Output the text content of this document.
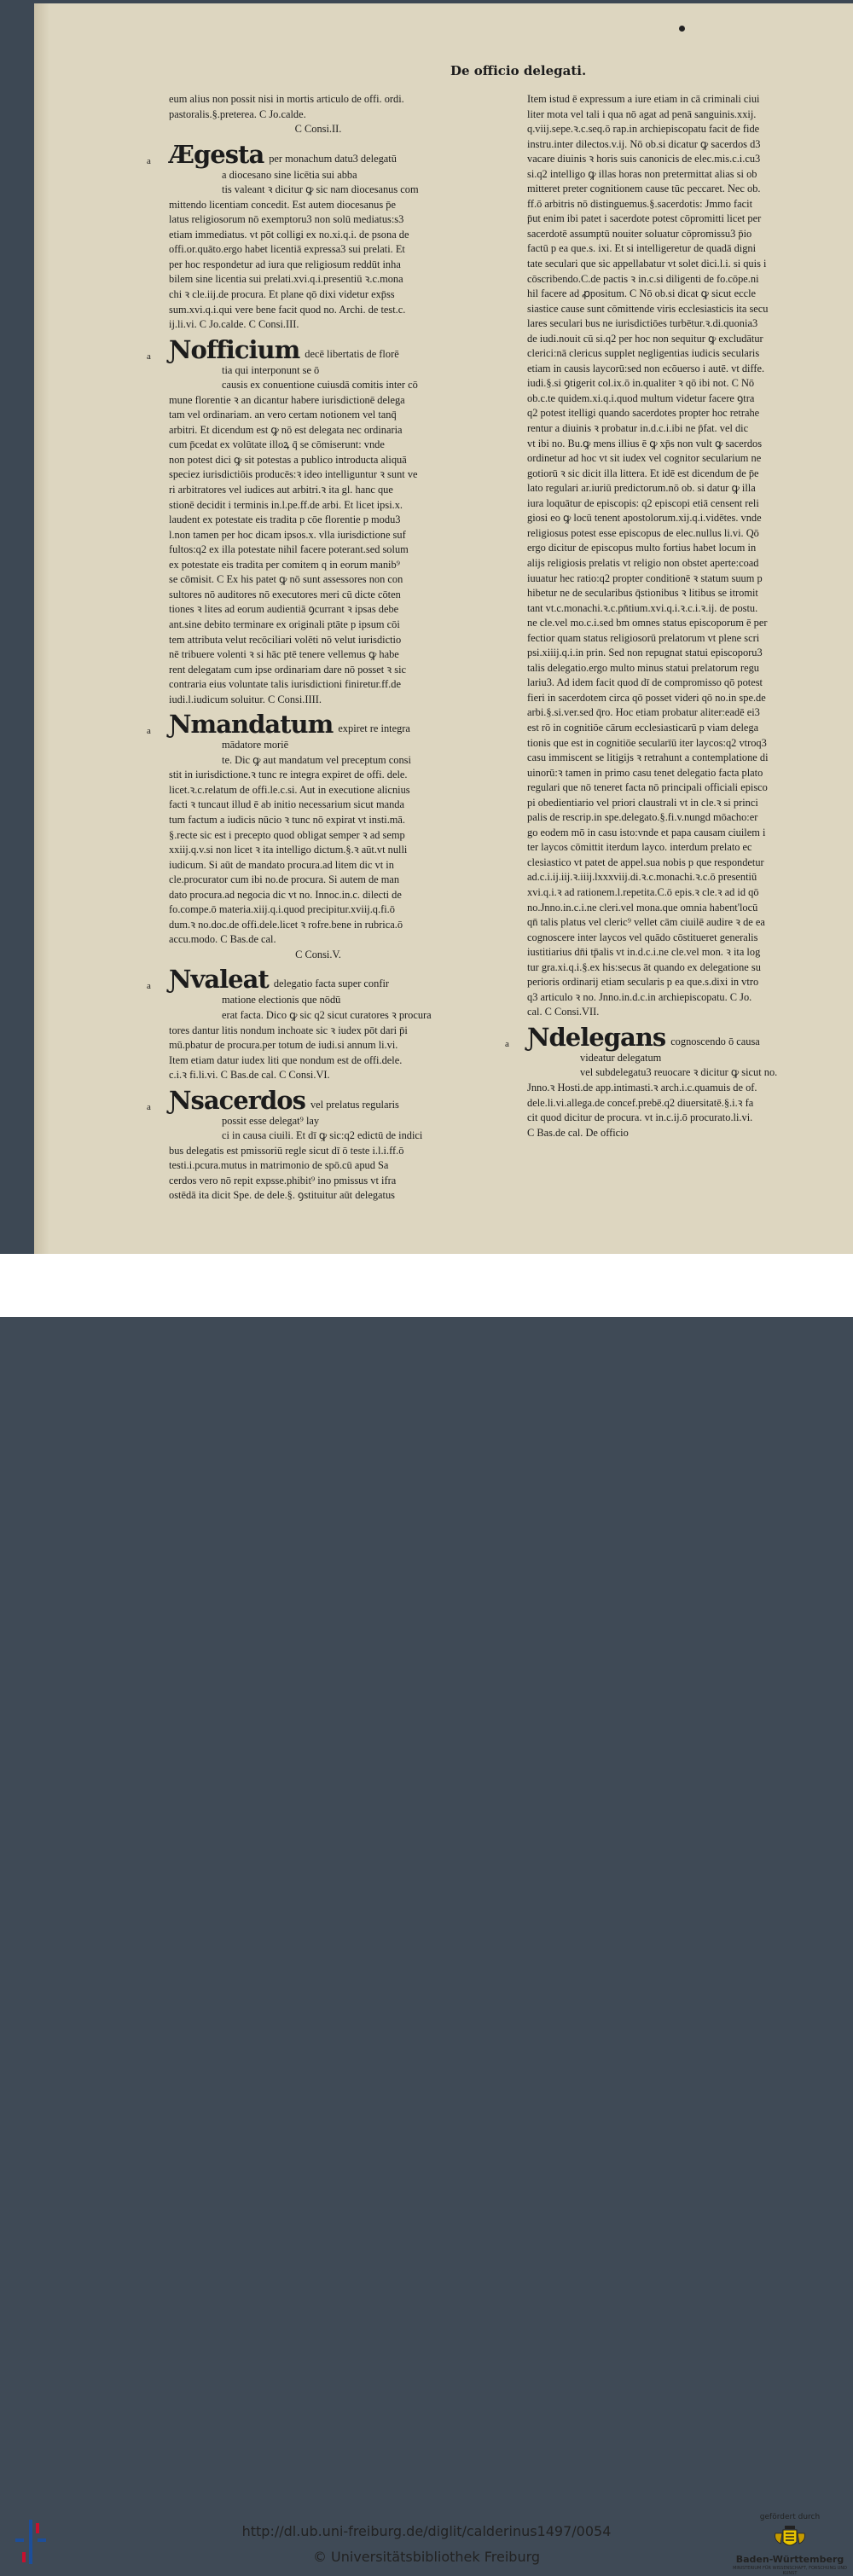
De officio delegati.
eum alius non possit nisi in mortis articulo de offi. ordi.
pastoralis.§.preterea. C Jo.calde.
C Consi.II.
a Ægesta per monachum datu3 delegatū
a diocesano sine licētia sui abba
tis valeant ꝛ dicitur ꝙ sic nam diocesanus com
mittendo licentiam concedit. Est autem diocesanus p̄e
latus religiosorum nō exemptoru3 non solū mediatus:s3
etiam immediatus. vt pōt colligi ex no.xi.q.i. de psona de
offi.or.quāto.ergo habet licentiā expressa3 sui prelati. Et
per hoc respondetur ad iura que religiosum reddūt inha
bilem sine licentia sui prelati.xvi.q.i.presentiū ꝛ.c.mona
chi ꝛ cle.iij.de procura. Et plane qō dixi videtur exp̄ss
sum.xvi.q.i.qui vere bene facit quod no. Archi. de test.c.
ij.li.vi. C Jo.calde. C Consi.III.
a Ɲofficium decē libertatis de florē
tia qui interponunt se ō
causis ex conuentione cuiusdā comitis inter cō
mune florentie ꝛ an dicantur habere iurisdictionē delega
tam vel ordinariam. an vero certam notionem vel tanq̄
arbitri. Et dicendum est ꝙ nō est delegata nec ordinaria
cum p̄cedat ex volūtate illoꝝ q̄ se cōmiserunt: vnde
non potest dici ꝙ sit potestas a publico introducta aliquā
speciez iurisdictiōis producēs:ꝛ ideo intelliguntur ꝛ sunt ve
ri arbitratores vel iudices aut arbitri.ꝛ ita gl. hanc que
stionē decidit i terminis in.l.pe.ff.de arbi. Et licet ipsi.x.
laudent ex potestate eis tradita p cōe florentie p modu3
l.non tamen per hoc dicam ipsos.x. vlla iurisdictione suf
fultos:q2 ex illa potestate nihil facere poterant.sed solum
ex potestate eis tradita per comitem q in eorum manib⁹
se cōmisit. C Ex his patet ꝙ nō sunt assessores non con
sultores nō auditores nō executores meri cū dicte cōten
tiones ꝛ lites ad eorum audientiā ꝯcurrant ꝛ ipsas debe
ant.sine debito terminare ex originali ptāte p ipsum cōi
tem attributa velut recōciliari volēti nō velut iurisdictio
nē tribuere volenti ꝛ si hāc ptē tenere vellemus ꝙ habe
rent delegatam cum ipse ordinariam dare nō posset ꝛ sic
contraria eius voluntate talis iurisdictioni finiretur.ff.de
iudi.l.iudicum soluitur. C Consi.IIII.
a Ɲmandatum expiret re integra
mādatore moriē
te. Dic ꝙ aut mandatum vel preceptum consi
stit in iurisdictione.ꝛ tunc re integra expiret de offi. dele.
licet.ꝛ.c.relatum de offi.le.c.si. Aut in executione alicnius
facti ꝛ tuncaut illud ē ab initio necessarium sicut manda
tum factum a iudicis nūcio ꝛ tunc nō expirat vt insti.mā.
§.recte sic est i precepto quod obligat semper ꝛ ad semp
xxiij.q.v.si non licet ꝛ ita intelligo dictum.§.ꝛ aūt.vt nulli
iudicum. Si aūt de mandato procura.ad litem dic vt in
cle.procurator cum ibi no.de procura. Si autem de man
dato procura.ad negocia dic vt no. Innoc.in.c. dilecti de
fo.compe.ō materia.xiij.q.i.quod precipitur.xviij.q.fi.ō
dum.ꝛ no.doc.de offi.dele.licet ꝛ rofre.bene in rubrica.ō
accu.modo. C Bas.de cal.
C Consi.V.
a Ɲvaleat delegatio facta super confir
matione electionis que nōdū
erat facta. Dico ꝙ sic q2 sicut curatores ꝛ procura
tores dantur litis nondum inchoate sic ꝛ iudex pōt dari p̄i
mū.pbatur de procura.per totum de iudi.si annum li.vi.
Item etiam datur iudex liti que nondum est de offi.dele.
c.i.ꝛ fi.li.vi. C Bas.de cal. C Consi.VI.
a Ɲsacerdos vel prelatus regularis
possit esse delegat⁹ lay
ci in causa ciuili. Et dī ꝙ sic:q2 edictū de indici
bus delegatis est pmissoriū regle sicut dī ō teste i.l.i.ff.ō
testi.i.pcura.mutus in matrimonio de spō.cū apud Sa
cerdos vero nō repit expsse.phibit⁹ ino pmissus vt ifra
ostēdā ita dicit Spe. de dele.§. ꝯstituitur aūt delegatus
Item istud ē expressum a iure etiam in cā criminali ciui
liter mota vel tali i qua nō agat ad penā sanguinis.xxij.
q.viij.sepe.ꝛ.c.seq.ō rap.in archiepiscopatu facit de fide
instru.inter dilectos.v.ij. Nō ob.si dicatur ꝙ sacerdos d3
vacare diuinis ꝛ horis suis canonicis de elec.mis.c.i.cu3
si.q2 intelligo ꝙ illas horas non pretermittat alias si ob
mitteret preter cognitionem cause tūc peccaret. Nec ob.
ff.ō arbitris nō distinguemus.§.sacerdotis: Jmmo facit
p̄ut enim ibi patet i sacerdote potest cōpromitti licet per
sacerdotē assumptū nouiter soluatur cōpromissu3 p̄io
factū p ea que.s. ixi. Et si intelligeretur de quadā digni
tate seculari que sic appellabatur vt solet dici.l.i. si quis i
cōscribendo.C.de pactis ꝛ in.c.si diligenti de fo.cōpe.ni
hil facere ad ꝓpositum. C Nō ob.si dicat ꝙ sicut eccle
siastice cause sunt cōmittende viris ecclesiasticis ita secu
lares seculari bus ne iurisdictiōes turbētur.ꝛ.di.quonia3
de iudi.nouit cū si.q2 per hoc non sequitur ꝙ excludātur
clerici:nā clericus supplet negligentias iudicis secularis
etiam in causis laycorū:sed non ecōuerso i autē. vt diffe.
iudi.§.si ꝯtigerit col.ix.ō in.qualiter ꝛ qō ibi not. C Nō
ob.c.te quidem.xi.q.i.quod multum videtur facere ꝯtra
q2 potest itelligi quando sacerdotes propter hoc retrahe
rentur a diuinis ꝛ probatur in.d.c.i.ibi ne p̄fat. vel dic
vt ibi no. Bu.ꝙ mens illius ē ꝙ xp̄s non vult ꝙ sacerdos
ordinetur ad hoc vt sit iudex vel cognitor secularium ne
gotiorū ꝛ sic dicit illa littera. Et idē est dicendum de p̄e
lato regulari ar.iuriū predictorum.nō ob. si datur ꝙ illa
iura loquātur de episcopis: q2 episcopi etiā censent reli
giosi eo ꝙ locū tenent apostolorum.xij.q.i.vidētes. vnde
religiosus potest esse episcopus de elec.nullus li.vi. Qō
ergo dicitur de episcopus multo fortius habet locum in
alijs religiosis prelatis vt religio non obstet aperte:coad
iuuatur hec ratio:q2 propter conditionē ꝛ statum suum p
hibetur ne de secularibus q̄stionibus ꝛ litibus se itromit
tant vt.c.monachi.ꝛ.c.pn̄tium.xvi.q.i.ꝛ.c.i.ꝛ.ij. de postu.
ne cle.vel mo.c.i.sed bm omnes status episcoporum ē per
fectior quam status religiosorū prelatorum vt plene scri
psi.xiiij.q.i.in prin. Sed non repugnat statui episcoporu3
talis delegatio.ergo multo minus statui prelatorum regu
lariu3. Ad idem facit quod dī de compromisso qō potest
fieri in sacerdotem circa qō posset videri qō no.in spe.de
arbi.§.si.ver.sed q̄ro. Hoc etiam probatur aliter:eadē ei3
est rō in cognitiōe cārum ecclesiasticarū p viam delega
tionis que est in cognitiōe secularīū iter laycos:q2 vtroq3
casu immiscent se litigijs ꝛ retrahunt a contemplatione di
uinorū:ꝛ tamen in primo casu tenet delegatio facta plato
regulari que nō teneret facta nō principali officiali episco
pi obedientiario vel priori claustrali vt in cle.ꝛ si princi
palis de rescrip.in spe.delegato.§.fi.v.nungd mōacho:er
go eodem mō in casu isto:vnde et papa causam ciuilem i
ter laycos cōmittit iterdum layco. interdum prelato ec
clesiastico vt patet de appel.sua nobis p que respondetur
ad.c.i.ij.iij.ꝛ.iiij.lxxxviij.di.ꝛ.c.monachi.ꝛ.c.ō presentiū
xvi.q.i.ꝛ ad rationem.l.repetita.C.ō epis.ꝛ cle.ꝛ ad id qō
no.Jnno.in.c.i.ne cleri.vel mona.que omnia habent'locū
qn̄ talis platus vel cleric⁹ vellet cām ciuilē audire ꝛ de ea
cognoscere inter laycos vel quādo cōstitueret generalis
iustitiarius dn̄i tp̄alis vt in.d.c.i.ne cle.vel mon. ꝛ ita log
tur gra.xi.q.i.§.ex his:secus āt quando ex delegatione su
perioris ordinarij etiam secularis p ea que.s.dixi in vtro
q3 articulo ꝛ no. Jnno.in.d.c.in archiepiscopatu. C Jo.
cal. C Consi.VII.
a Ɲdelegans cognoscendo ō causa
videatur delegatum
vel subdelegatu3 reuocare ꝛ dicitur ꝙ sicut no.
Jnno.ꝛ Hosti.de app.intimasti.ꝛ arch.i.c.quamuis de of.
dele.li.vi.allega.de concef.prebē.q2 diuersitatē.§.i.ꝛ fa
cit quod dicitur de procura. vt in.c.ij.ō procurato.li.vi.
C Bas.de cal. De officio
http://dl.ub.uni-freiburg.de/diglit/calderinus1497/0054
© Universitätsbibliothek Freiburg
gefördert durch
Baden-Württemberg
MINISTERIUM FÜR WISSENSCHAFT, FORSCHUNG UND KUNST
